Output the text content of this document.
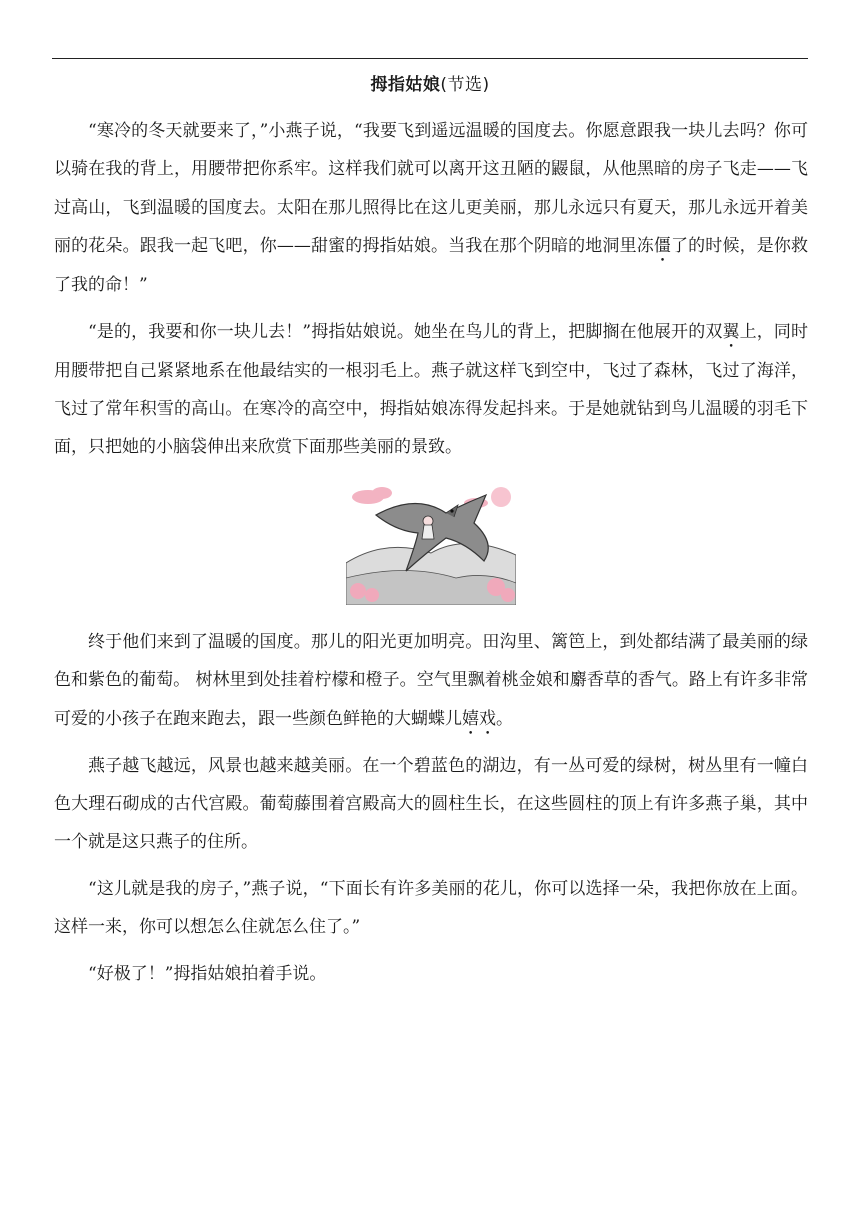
拇指姑娘(节选)

“寒冷的冬天就要来了，”小燕子说，“我要飞到遥远温暖的国度去。你愿意跟我一块儿去吗？你可以骑在我的背上，用腰带把你系牢。这样我们就可以离开这丑陋的鼹鼠，从他黑暗的房子飞走——飞过高山，飞到温暖的国度去。太阳在那儿照得比在这儿更美丽，那儿永远只有夏天，那儿永远开着美丽的花朵。跟我一起飞吧，你——甜蜜的拇指姑娘。当我在那个阴暗的地洞里冻僵了的时候，是你救了我的命！”

“是的，我要和你一块儿去！”拇指姑娘说。她坐在鸟儿的背上，把脚搁在他展开的双翼上，同时用腰带把自己紧紧地系在他最结实的一根羽毛上。燕子就这样飞到空中，飞过了森林，飞过了海洋，飞过了常年积雪的高山。在寒冷的高空中，拇指姑娘冻得发起抖来。于是她就钻到鸟儿温暖的羽毛下面，只把她的小脑袋伸出来欣赏下面那些美丽的景致。

终于他们来到了温暖的国度。那儿的阳光更加明亮。田沟里、篱笆上，到处都结满了最美丽的绿色和紫色的葡萄。 树林里到处挂着柠檬和橙子。空气里飘着桃金娘和麝香草的香气。路上有许多非常可爱的小孩子在跑来跑去，跟一些颜色鲜艳的大蝴蝶儿嬉戏。

燕子越飞越远，风景也越来越美丽。在一个碧蓝色的湖边，有一丛可爱的绿树，树丛里有一幢白色大理石砌成的古代宫殿。葡萄藤围着宫殿高大的圆柱生长，在这些圆柱的顶上有许多燕子巢，其中一个就是这只燕子的住所。

“这儿就是我的房子，”燕子说，“下面长有许多美丽的花儿，你可以选择一朵，我把你放在上面。这样一来，你可以想怎么住就怎么住了。”

“好极了！”拇指姑娘拍着手说。
